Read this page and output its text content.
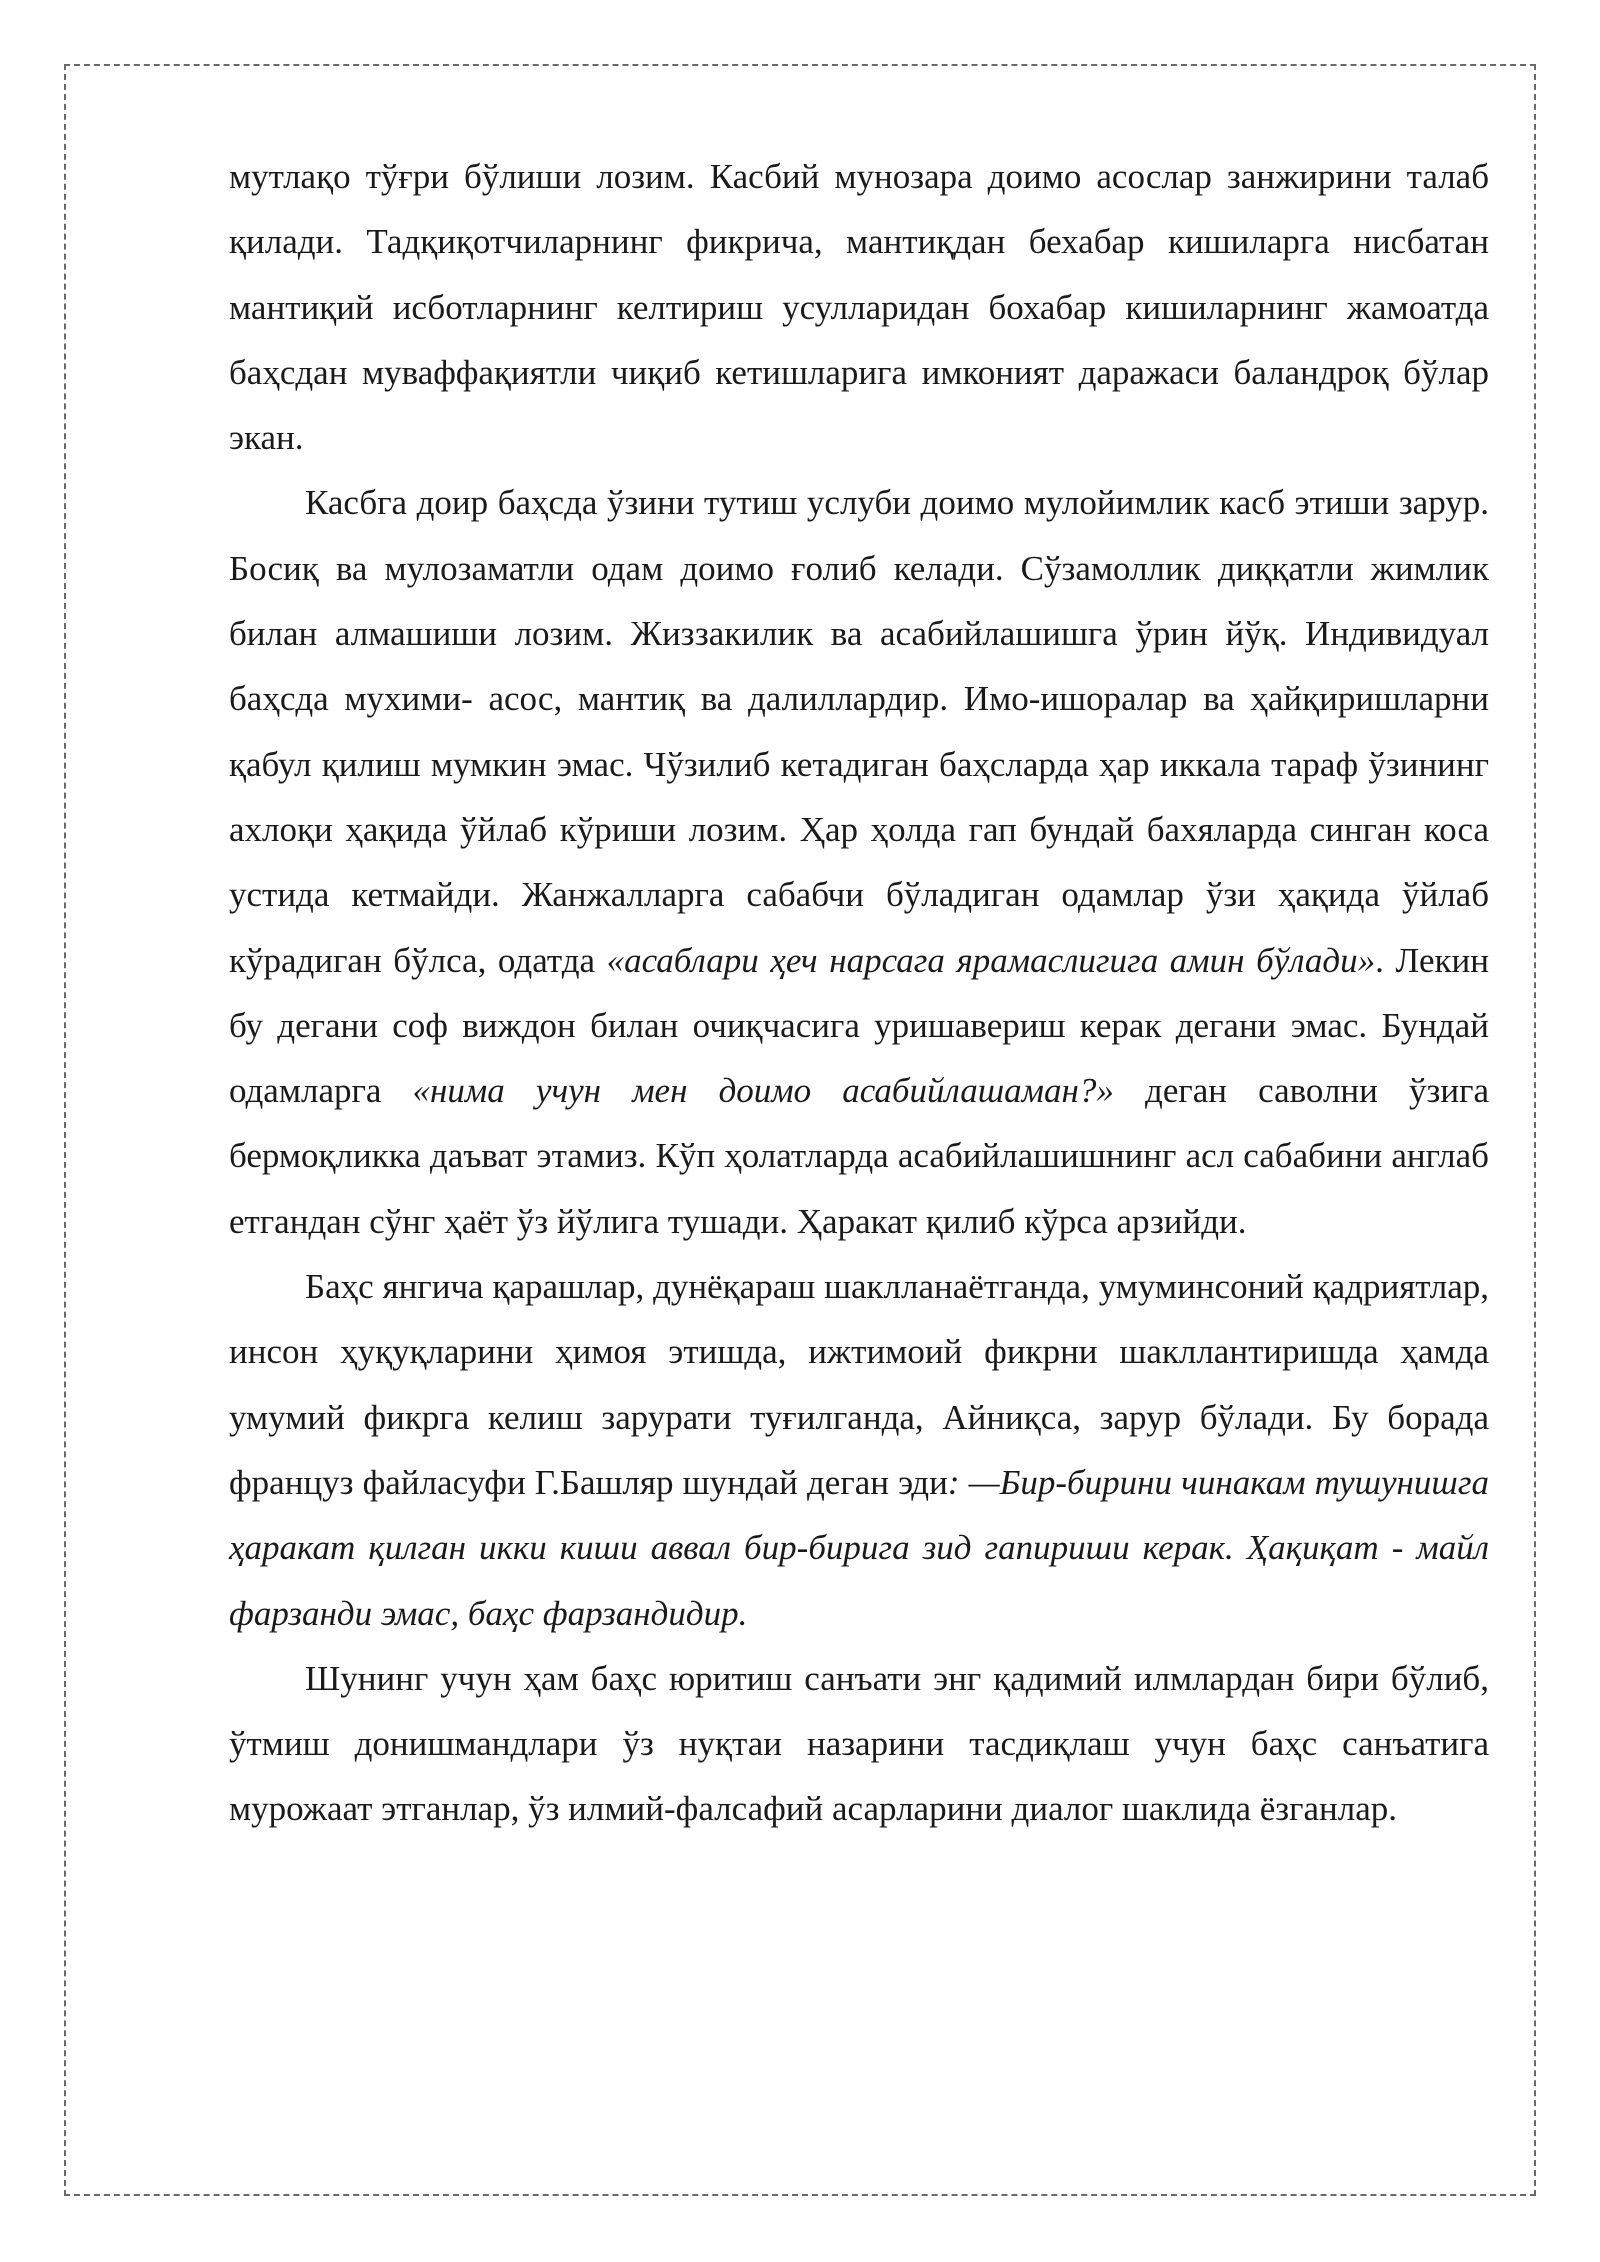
мутлақо тўғри бўлиши лозим. Касбий мунозара доимо асослар занжирини талаб қилади. Тадқиқотчиларнинг фикрича, мантиқдан бехабар кишиларга нисбатан мантиқий исботларнинг келтириш усулларидан бохабар кишиларнинг жамоатда баҳсдан муваффақиятли чиқиб кетишларига имконият даражаси баландроқ бўлар экан.

Касбга доир баҳсда ўзини тутиш услуби доимо мулойимлик касб этиши зарур. Босиқ ва мулозаматли одам доимо ғолиб келади. Сўзамоллик диққатли жимлик билан алмашиши лозим. Жиззакилик ва асабийлашишга ўрин йўқ. Индивидуал баҳсда мухими- асос, мантиқ ва далиллардир. Имо-ишоралар ва ҳайқиришларни қабул қилиш мумкин эмас. Чўзилиб кетадиган баҳсларда ҳар иккала тараф ўзининг ахлоқи ҳақида ўйлаб кўриши лозим. Ҳар ҳолда гап бундай бахяларда синган коса устида кетмайди. Жанжалларга сабабчи бўладиган одамлар ўзи ҳақида ўйлаб кўрадиган бўлса, одатда «асаблари ҳеч нарсага ярамаслигига амин бўлади». Лекин бу дегани соф виждон билан очиқчасига уришавериш керак дегани эмас. Бундай одамларга «нима учун мен доимо асабийлашаман?» деган саволни ўзига бермоқликка даъват этамиз. Кўп ҳолатларда асабийлашишнинг асл сабабини англаб етгандан сўнг ҳаёт ўз йўлига тушади. Ҳаракат қилиб кўрса арзийди.

Баҳс янгича қарашлар, дунёқараш шаклланаётганда, умуминсоний қадриятлар, инсон ҳуқуқларини ҳимоя этишда, ижтимоий фикрни шакллантиришда ҳамда умумий фикрга келиш зарурати туғилганда, Айниқса, зарур бўлади. Бу борада француз файласуфи Г.Башляр шундай деган эди: —Бир-бирини чинакам тушунишга ҳаракат қилган икки киши аввал бир-бирига зид гапириши керак. Ҳақиқат - майл фарзанди эмас, баҳс фарзандидир.

Шунинг учун ҳам баҳс юритиш санъати энг қадимий илмлардан бири бўлиб, ўтмиш донишмандлари ўз нуқтаи назарини тасдиқлаш учун баҳс санъатига мурожаат этганлар, ўз илмий-фалсафий асарларини диалог шаклида ёзганлар.
